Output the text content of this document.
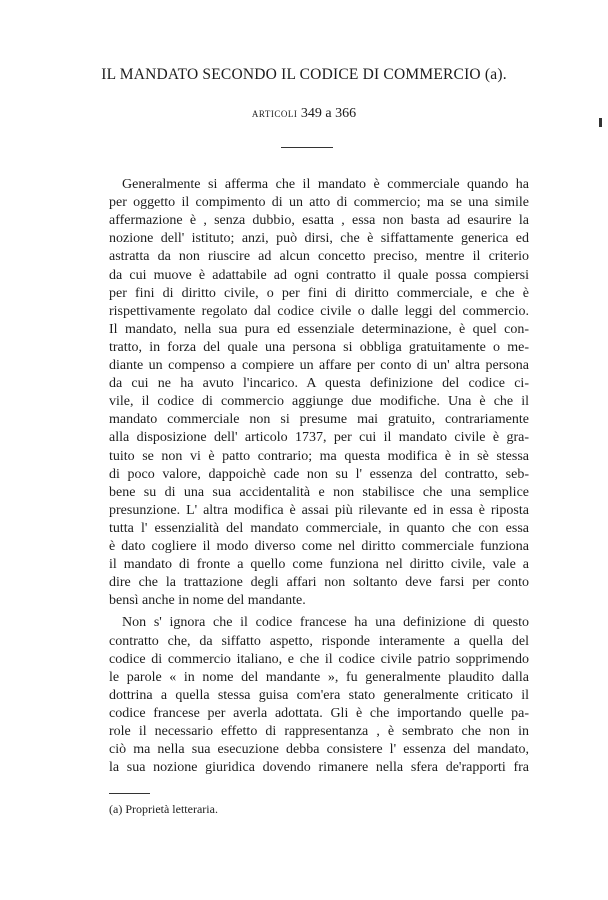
IL MANDATO SECONDO IL CODICE DI COMMERCIO (a).
articoli 349 a 366
Generalmente si afferma che il mandato è commerciale quando ha
per oggetto il compimento di un atto di commercio; ma se una simile
affermazione è , senza dubbio, esatta , essa non basta ad esaurire la
nozione dell' istituto; anzi, può dirsi, che è siffattamente generica ed
astratta da non riuscire ad alcun concetto preciso, mentre il criterio
da cui muove è adattabile ad ogni contratto il quale possa compiersi
per fini di diritto civile, o per fini di diritto commerciale, e che è
rispettivamente regolato dal codice civile o dalle leggi del commercio.
Il mandato, nella sua pura ed essenziale determinazione, è quel con-
tratto, in forza del quale una persona si obbliga gratuitamente o me-
diante un compenso a compiere un affare per conto di un' altra persona
da cui ne ha avuto l'incarico. A questa definizione del codice ci-
vile, il codice di commercio aggiunge due modifiche. Una è che il
mandato commerciale non si presume mai gratuito, contrariamente
alla disposizione dell' articolo 1737, per cui il mandato civile è gra-
tuito se non vi è patto contrario; ma questa modifica è in sè stessa
di poco valore, dappoichè cade non su l' essenza del contratto, seb-
bene su di una sua accidentalità e non stabilisce che una semplice
presunzione. L' altra modifica è assai più rilevante ed in essa è riposta
tutta l' essenzialità del mandato commerciale, in quanto che con essa
è dato cogliere il modo diverso come nel diritto commerciale funziona
il mandato di fronte a quello come funziona nel diritto civile, vale a
dire che la trattazione degli affari non soltanto deve farsi per conto
bensì anche in nome del mandante.
Non s' ignora che il codice francese ha una definizione di questo
contratto che, da siffatto aspetto, risponde interamente a quella del
codice di commercio italiano, e che il codice civile patrio sopprimendo
le parole « in nome del mandante », fu generalmente plaudito dalla
dottrina a quella stessa guisa com'era stato generalmente criticato il
codice francese per averla adottata. Gli è che importando quelle pa-
role il necessario effetto di rappresentanza , è sembrato che non in
ciò ma nella sua esecuzione debba consistere l' essenza del mandato,
la sua nozione giuridica dovendo rimanere nella sfera de'rapporti fra
(a) Proprietà letteraria.
